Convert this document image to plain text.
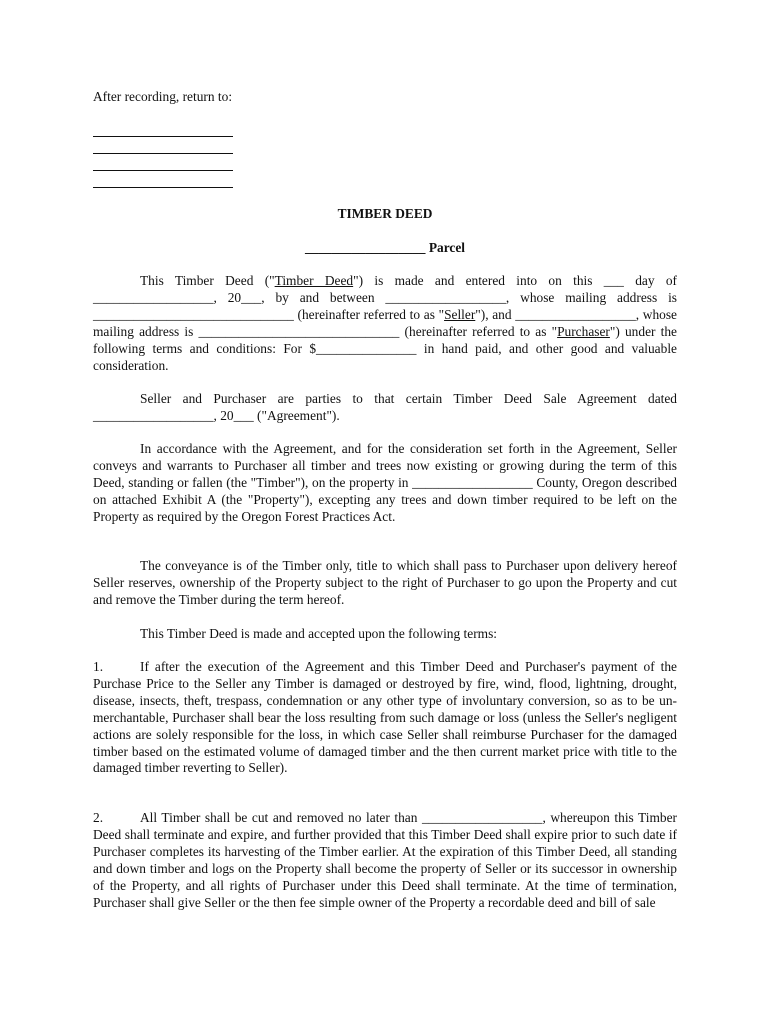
After recording, return to:
TIMBER DEED
__________________ Parcel
This Timber Deed ("Timber Deed") is made and entered into on this ___ day of __________________, 20___, by and between __________________, whose mailing address is ______________________________ (hereinafter referred to as "Seller"), and __________________, whose mailing address is ______________________________ (hereinafter referred to as "Purchaser") under the following terms and conditions: For $_______________ in hand paid, and other good and valuable consideration.
Seller and Purchaser are parties to that certain Timber Deed Sale Agreement dated __________________, 20___ ("Agreement").
In accordance with the Agreement, and for the consideration set forth in the Agreement, Seller conveys and warrants to Purchaser all timber and trees now existing or growing during the term of this Deed, standing or fallen (the "Timber"), on the property in __________________ County, Oregon described on attached Exhibit A (the "Property"), excepting any trees and down timber required to be left on the Property as required by the Oregon Forest Practices Act.
The conveyance is of the Timber only, title to which shall pass to Purchaser upon delivery hereof Seller reserves, ownership of the Property subject to the right of Purchaser to go upon the Property and cut and remove the Timber during the term hereof.
This Timber Deed is made and accepted upon the following terms:
1.	If after the execution of the Agreement and this Timber Deed and Purchaser's payment of the Purchase Price to the Seller any Timber is damaged or destroyed by fire, wind, flood, lightning, drought, disease, insects, theft, trespass, condemnation or any other type of involuntary conversion, so as to be un-merchantable, Purchaser shall bear the loss resulting from such damage or loss (unless the Seller's negligent actions are solely responsible for the loss, in which case Seller shall reimburse Purchaser for the damaged timber based on the estimated volume of damaged timber and the then current market price with title to the damaged timber reverting to Seller).
2.	All Timber shall be cut and removed no later than __________________, whereupon this Timber Deed shall terminate and expire, and further provided that this Timber Deed shall expire prior to such date if Purchaser completes its harvesting of the Timber earlier. At the expiration of this Timber Deed, all standing and down timber and logs on the Property shall become the property of Seller or its successor in ownership of the Property, and all rights of Purchaser under this Deed shall terminate. At the time of termination, Purchaser shall give Seller or the then fee simple owner of the Property a recordable deed and bill of sale
